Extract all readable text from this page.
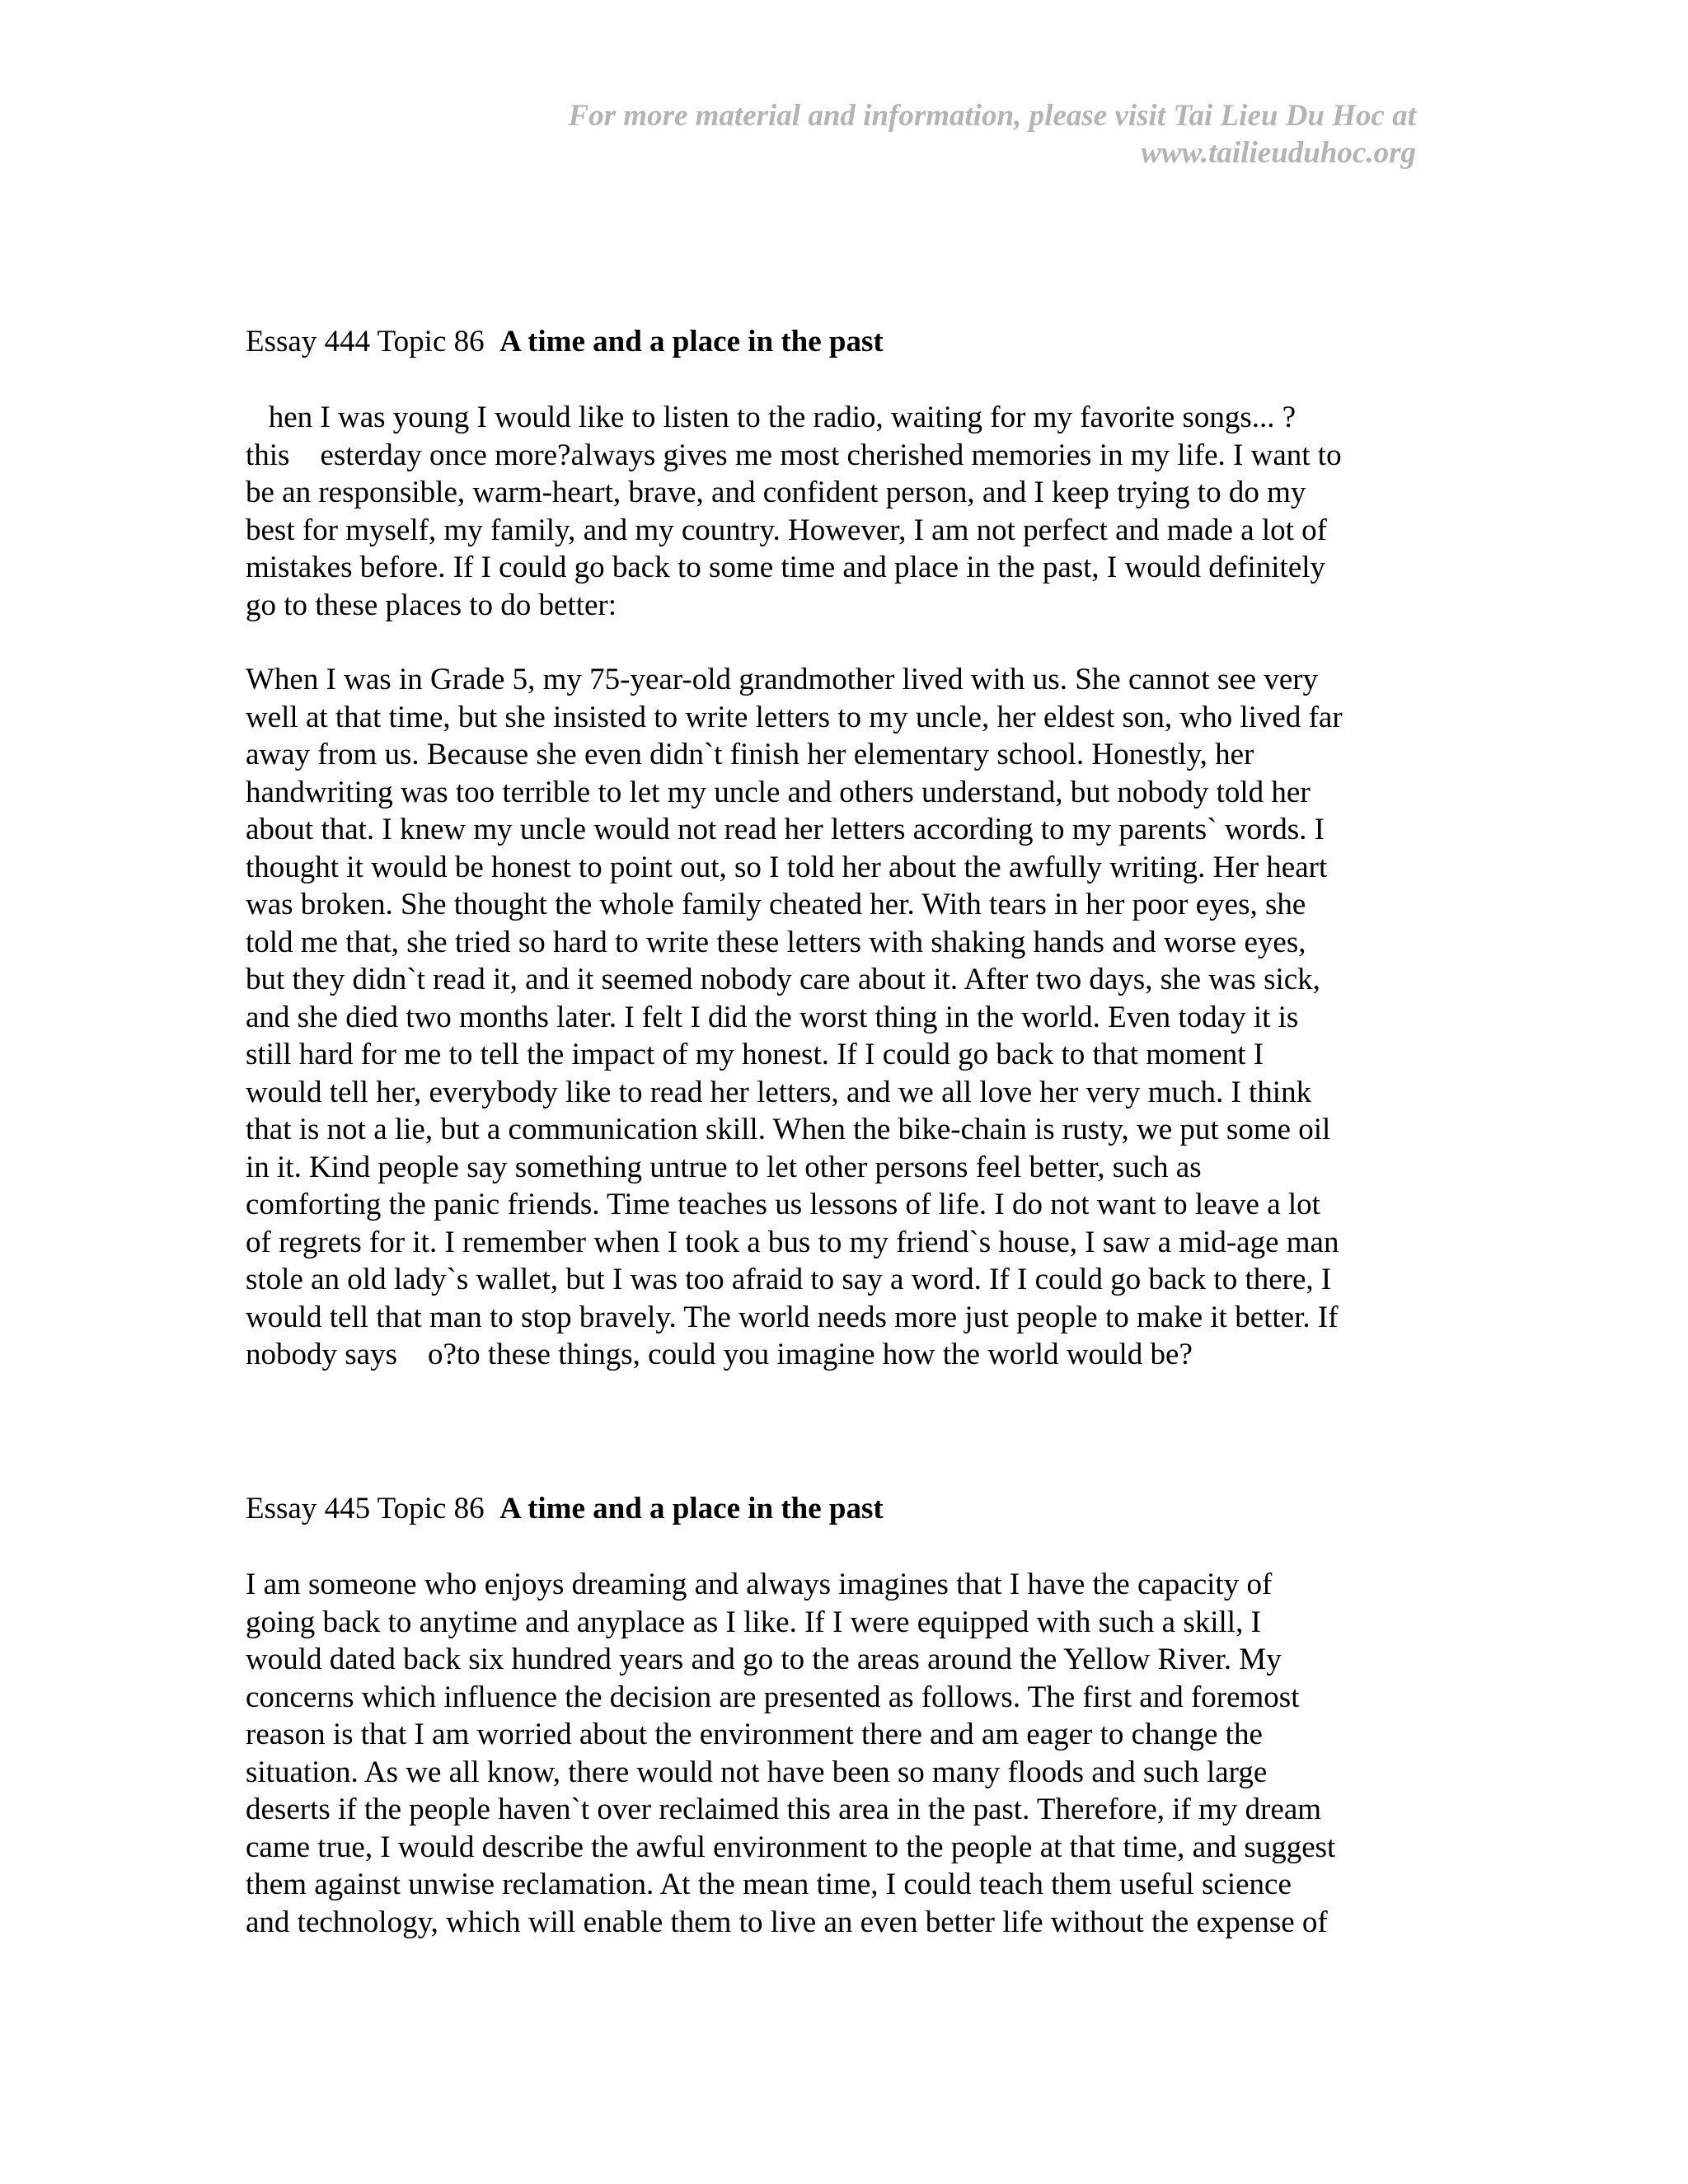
For more material and information, please visit Tai Lieu Du Hoc at
www.tailieuduhoc.org

Essay 444 Topic 86 A time and a place in the past

hen I was young I would like to listen to the radio, waiting for my favorite songs... ?
this    esterday once more?always gives me most cherished memories in my life. I want to
be an responsible, warm-heart, brave, and confident person, and I keep trying to do my
best for myself, my family, and my country. However, I am not perfect and made a lot of
mistakes before. If I could go back to some time and place in the past, I would definitely
go to these places to do better:
When I was in Grade 5, my 75-year-old grandmother lived with us. She cannot see very
well at that time, but she insisted to write letters to my uncle, her eldest son, who lived far
away from us. Because she even didn`t finish her elementary school. Honestly, her
handwriting was too terrible to let my uncle and others understand, but nobody told her
about that. I knew my uncle would not read her letters according to my parents` words. I
thought it would be honest to point out, so I told her about the awfully writing. Her heart
was broken. She thought the whole family cheated her. With tears in her poor eyes, she
told me that, she tried so hard to write these letters with shaking hands and worse eyes,
but they didn`t read it, and it seemed nobody care about it. After two days, she was sick,
and she died two months later. I felt I did the worst thing in the world. Even today it is
still hard for me to tell the impact of my honest. If I could go back to that moment I
would tell her, everybody like to read her letters, and we all love her very much. I think
that is not a lie, but a communication skill. When the bike-chain is rusty, we put some oil
in it. Kind people say something untrue to let other persons feel better, such as
comforting the panic friends. Time teaches us lessons of life. I do not want to leave a lot
of regrets for it. I remember when I took a bus to my friend`s house, I saw a mid-age man
stole an old lady`s wallet, but I was too afraid to say a word. If I could go back to there, I
would tell that man to stop bravely. The world needs more just people to make it better. If
nobody says    o?to these things, could you imagine how the world would be?

Essay 445 Topic 86 A time and a place in the past

I am someone who enjoys dreaming and always imagines that I have the capacity of
going back to anytime and anyplace as I like. If I were equipped with such a skill, I
would dated back six hundred years and go to the areas around the Yellow River. My
concerns which influence the decision are presented as follows. The first and foremost
reason is that I am worried about the environment there and am eager to change the
situation. As we all know, there would not have been so many floods and such large
deserts if the people haven`t over reclaimed this area in the past. Therefore, if my dream
came true, I would describe the awful environment to the people at that time, and suggest
them against unwise reclamation. At the mean time, I could teach them useful science
and technology, which will enable them to live an even better life without the expense of
